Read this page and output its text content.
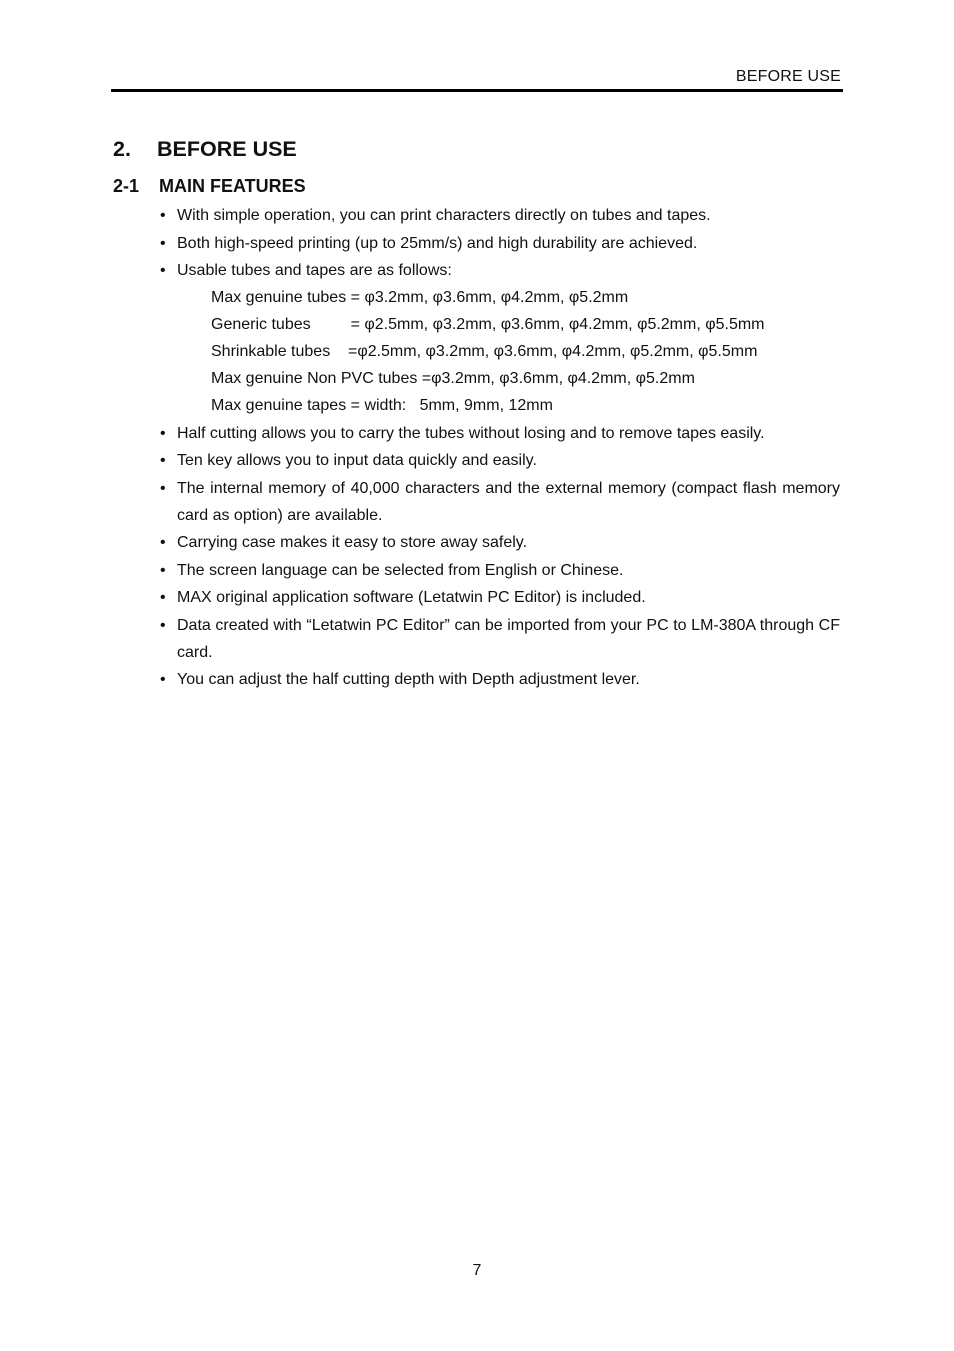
BEFORE USE
2. BEFORE USE
2-1 MAIN FEATURES
• With simple operation, you can print characters directly on tubes and tapes.
• Both high-speed printing (up to 25mm/s) and high durability are achieved.
• Usable tubes and tapes are as follows:
Max genuine tubes = φ3.2mm, φ3.6mm, φ4.2mm, φ5.2mm
Generic tubes         = φ2.5mm, φ3.2mm, φ3.6mm, φ4.2mm, φ5.2mm, φ5.5mm
Shrinkable tubes    =φ2.5mm, φ3.2mm, φ3.6mm, φ4.2mm, φ5.2mm, φ5.5mm
Max genuine Non PVC tubes =φ3.2mm, φ3.6mm, φ4.2mm, φ5.2mm
Max genuine tapes = width:   5mm, 9mm, 12mm
• Half cutting allows you to carry the tubes without losing and to remove tapes easily.
• Ten key allows you to input data quickly and easily.
• The internal memory of 40,000 characters and the external memory (compact flash memory card as option) are available.
• Carrying case makes it easy to store away safely.
• The screen language can be selected from English or Chinese.
• MAX original application software (Letatwin PC Editor) is included.
• Data created with “Letatwin PC Editor” can be imported from your PC to LM-380A through CF card.
• You can adjust the half cutting depth with Depth adjustment lever.
7
